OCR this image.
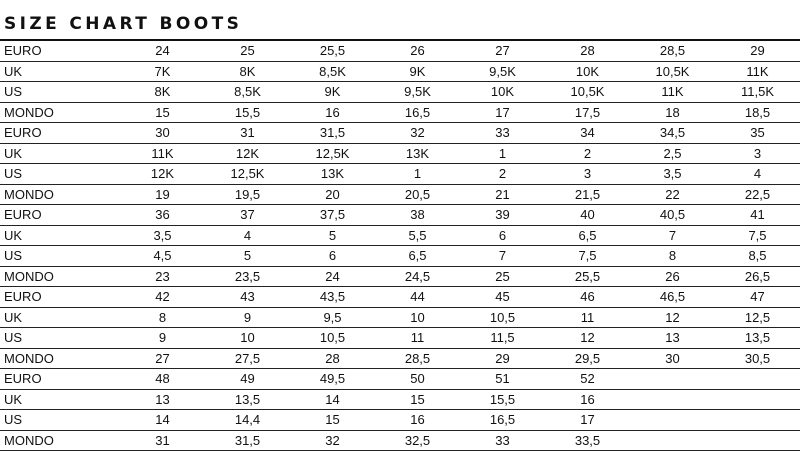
SIZE CHART BOOTS
EURO	24	25	25,5	26	27	28	28,5	29
UK	7K	8K	8,5K	9K	9,5K	10K	10,5K	11K
US	8K	8,5K	9K	9,5K	10K	10,5K	11K	11,5K
MONDO	15	15,5	16	16,5	17	17,5	18	18,5
EURO	30	31	31,5	32	33	34	34,5	35
UK	11K	12K	12,5K	13K	1	2	2,5	3
US	12K	12,5K	13K	1	2	3	3,5	4
MONDO	19	19,5	20	20,5	21	21,5	22	22,5
EURO	36	37	37,5	38	39	40	40,5	41
UK	3,5	4	5	5,5	6	6,5	7	7,5
US	4,5	5	6	6,5	7	7,5	8	8,5
MONDO	23	23,5	24	24,5	25	25,5	26	26,5
EURO	42	43	43,5	44	45	46	46,5	47
UK	8	9	9,5	10	10,5	11	12	12,5
US	9	10	10,5	11	11,5	12	13	13,5
MONDO	27	27,5	28	28,5	29	29,5	30	30,5
EURO	48	49	49,5	50	51	52		
UK	13	13,5	14	15	15,5	16		
US	14	14,4	15	16	16,5	17		
MONDO	31	31,5	32	32,5	33	33,5		
